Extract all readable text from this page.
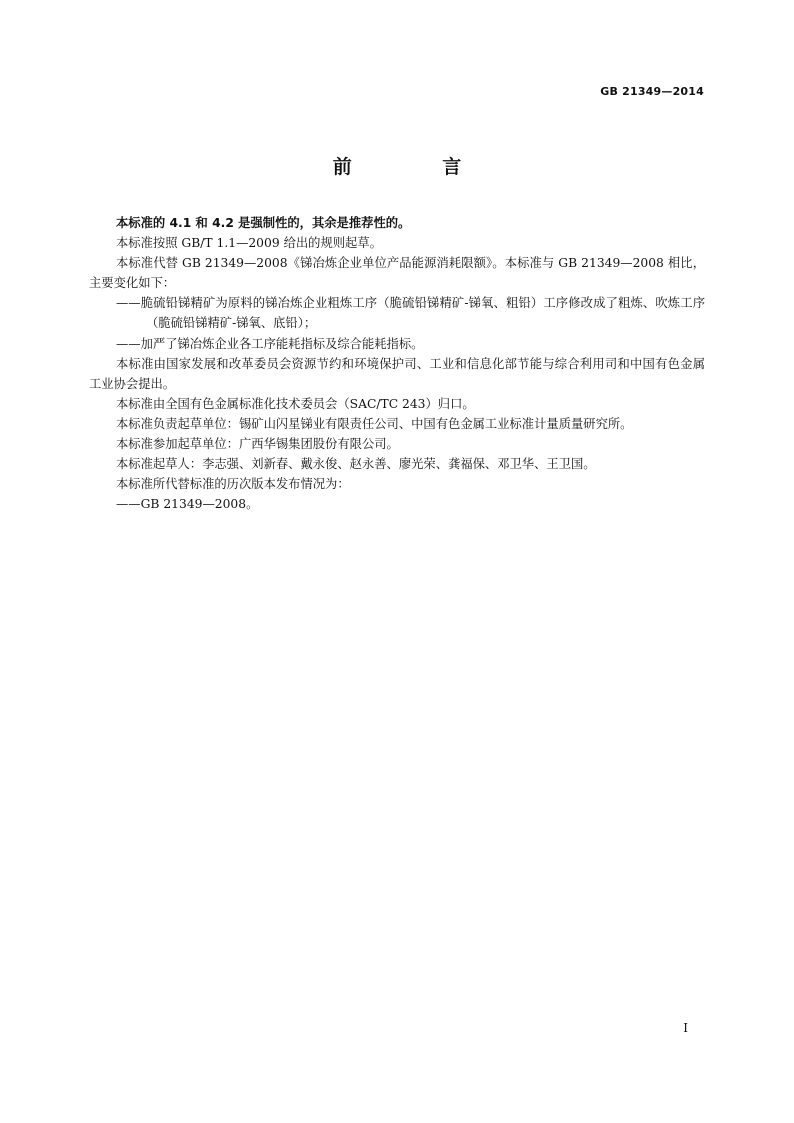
GB 21349—2014
前 言

本标准的 4.1 和 4.2 是强制性的，其余是推荐性的。

本标准按照 GB/T 1.1—2009 给出的规则起草。

本标准代替 GB 21349—2008《锑冶炼企业单位产品能源消耗限额》。本标准与 GB 21349—2008 相比，主要变化如下：

——脆硫铅锑精矿为原料的锑冶炼企业粗炼工序（脆硫铅锑精矿-锑氧、粗铅）工序修改成了粗炼、吹炼工序（脆硫铅锑精矿-锑氧、底铅）；

——加严了锑冶炼企业各工序能耗指标及综合能耗指标。

本标准由国家发展和改革委员会资源节约和环境保护司、工业和信息化部节能与综合利用司和中国有色金属工业协会提出。

本标准由全国有色金属标准化技术委员会（SAC/TC 243）归口。

本标准负责起草单位：锡矿山闪星锑业有限责任公司、中国有色金属工业标准计量质量研究所。

本标准参加起草单位：广西华锡集团股份有限公司。

本标准起草人：李志强、刘新春、戴永俊、赵永善、廖光荣、龚福保、邓卫华、王卫国。

本标准所代替标准的历次版本发布情况为：

——GB 21349—2008。

I
